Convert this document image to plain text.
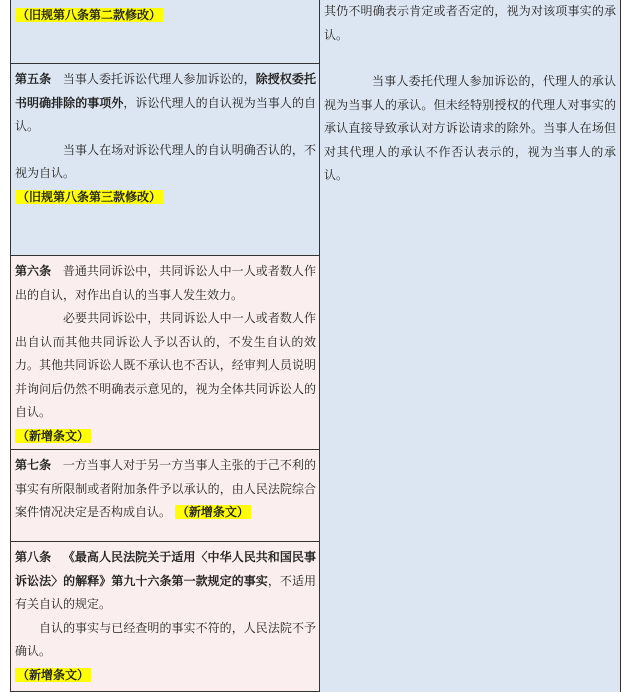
其仍不明确表示肯定或者否定的，视为对该项事实的承认。

当事人委托代理人参加诉讼的，代理人的承认视为当事人的承认。但未经特别授权的代理人对事实的承认直接导致承认对方诉讼请求的除外。当事人在场但对其代理人的承认不作否认表示的，视为当事人的承认。

（旧规第八条第二款修改）

第五条 当事人委托诉讼代理人参加诉讼的，除授权委托书明确排除的事项外，诉讼代理人的自认视为当事人的自认。

当事人在场对诉讼代理人的自认明确否认的，不视为自认。

（旧规第八条第三款修改）

第六条 普通共同诉讼中，共同诉讼人中一人或者数人作出的自认，对作出自认的当事人发生效力。

必要共同诉讼中，共同诉讼人中一人或者数人作出自认而其他共同诉讼人予以否认的，不发生自认的效力。其他共同诉讼人既不承认也不否认，经审判人员说明并询问后仍然不明确表示意见的，视为全体共同诉讼人的自认。

（新增条文）

第七条 一方当事人对于另一方当事人主张的于己不利的事实有所限制或者附加条件予以承认的，由人民法院综合案件情况决定是否构成自认。 （新增条文）

第八条 《最高人民法院关于适用〈中华人民共和国民事诉讼法〉的解释》第九十六条第一款规定的事实，不适用有关自认的规定。

自认的事实与已经查明的事实不符的，人民法院不予确认。

（新增条文）
